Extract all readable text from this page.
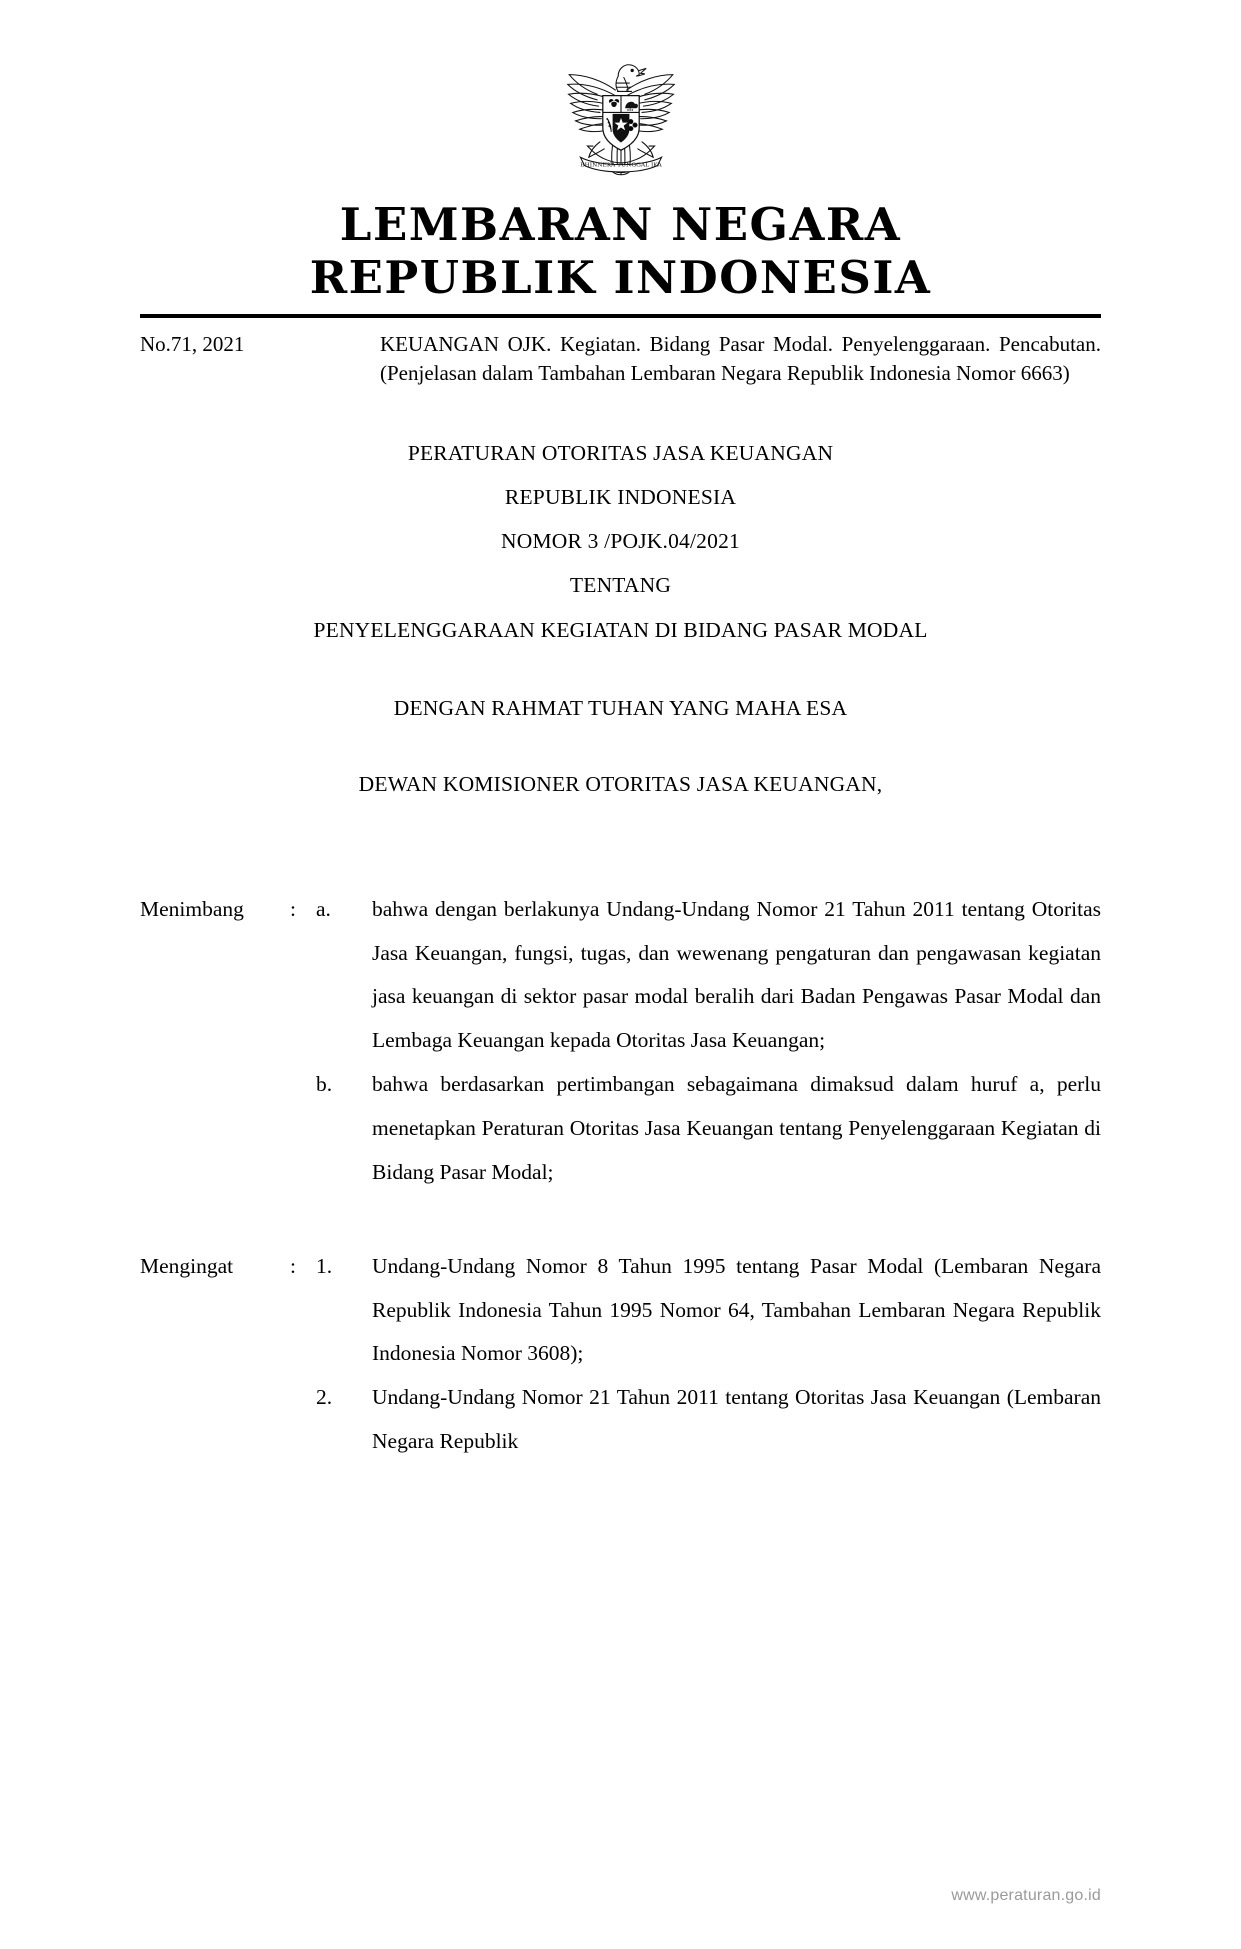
BHINNEKA TUNGGAL IKA
LEMBARAN NEGARA
REPUBLIK INDONESIA
No.71, 2021	KEUANGAN OJK. Kegiatan. Bidang Pasar Modal. Penyelenggaraan. Pencabutan. (Penjelasan dalam Tambahan Lembaran Negara Republik Indonesia Nomor 6663)
PERATURAN OTORITAS JASA KEUANGAN
REPUBLIK INDONESIA
NOMOR 3 /POJK.04/2021
TENTANG
PENYELENGGARAAN KEGIATAN DI BIDANG PASAR MODAL
DENGAN RAHMAT TUHAN YANG MAHA ESA
DEWAN KOMISIONER OTORITAS JASA KEUANGAN,
Menimbang	: a.	bahwa dengan berlakunya Undang-Undang Nomor 21 Tahun 2011 tentang Otoritas Jasa Keuangan, fungsi, tugas, dan wewenang pengaturan dan pengawasan kegiatan jasa keuangan di sektor pasar modal beralih dari Badan Pengawas Pasar Modal dan Lembaga Keuangan kepada Otoritas Jasa Keuangan;
b.	bahwa berdasarkan pertimbangan sebagaimana dimaksud dalam huruf a, perlu menetapkan Peraturan Otoritas Jasa Keuangan tentang Penyelenggaraan Kegiatan di Bidang Pasar Modal;
Mengingat	: 1.	Undang-Undang Nomor 8 Tahun 1995 tentang Pasar Modal (Lembaran Negara Republik Indonesia Tahun 1995 Nomor 64, Tambahan Lembaran Negara Republik Indonesia Nomor 3608);
2.	Undang-Undang Nomor 21 Tahun 2011 tentang Otoritas Jasa Keuangan (Lembaran Negara Republik
www.peraturan.go.id
